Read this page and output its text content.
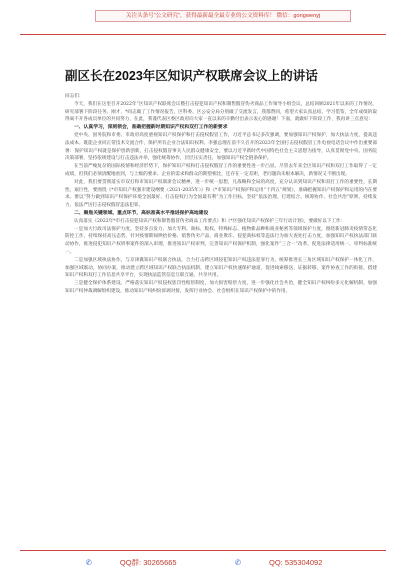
关注头条号“公文研究”，获得最新最全最专业的公文资料库！ 微信：gongwenyj
副区长在2023年区知识产权联席会议上的讲话

同志们：

今天，我们在这里召开2022年“区知识产权联席会议暨打击侵犯知识产权和制售假冒伪劣商品工作领导小组会议，总结回顾2021年以来的工作情况，研究部署下阶段任务。刚才，*同志做了工作情况报告，区科委、区公安分局分别做了交流发言，我都赞同，希望大家认真总结、学习借鉴，全年成绩的取得离不开各成员单位的共同努力，在此，我谨代表区委区政府向大家一直以来的辛勤付出表示衷心的感谢！下面，就做好下阶段工作，我再讲三点意见：

一、认真学习，深刻领会，准确把握新时期知识产权和双打工作的新要求

党中央、国务院和市委、市政府高度重视知识产权保护和打击侵权假冒工作，习近平总书记多次强调，要加强知识产权保护，加大执法力度，提高违法成本。既能企业同正常技术交流合作，保护所有企业合法知识权利。李强总理在前不久召开的2023年全国打击侵权假冒工作电视电话会议中作出重要部署：保护知识产权就是保护创新创新，打击侵权假冒事关人民群众健康安全，要以习近平新时代中国特色社会主义思想为指导，认真贯彻党中央、国务院决策部署，坚持依规建设与打击违法并举，强化统筹协作，层层压实责任，加强知识产权全链条保护。

在当前严峻复杂的国际疫情和经济形势下，保护知识产权和打击侵权假冒工作的重要性进一步凸显。尽管去年来全区知识产权和双打工作取得了一定成绩，但我们必须清醒地看到，与上级的要求、企业的需求和群众的期望相比，还存在一定差距，老问题尚未根本解决，新情况又不断出现。

对此，我们要贯彻落实市双打和市知识产权联席会议精神，进一步统一思想，凡战略和全局的高度，充分认识到知识产权和双打工作的重要性、长期性、艰巨性，要围绕《*市知识产权强市建设纲要（2021-2035年）》和《*市知识产权保护和运用“十四五”规划》，准确把握知识产权保护和运用的内在要求。要以“努力做到知识产权保护环境全国最好、打击侵权行为全国最有利”为工作目标，坚持“依法治理、打建结合、统筹协作、社会共治”原则，持续发力，依法严厉打击侵权假冒违法犯罪。

二、聚焦关键领域、重点环节，高标准高水平推进保护高地建设

认真落实《2022年*市打击侵犯知识产权和制售假冒伪劣商品工作要点》和《*区强化知识产权保护三年行动计划》，要做好以下工作：

一是加大行政司法保护力度。坚持多点发力、加大专利、商标、版权、特殊标志、植物新品种和商业秘密等领域保护力度，围绕新冠肺炎疫情常态化防控工作，持续保持高压态势，针对疫情期间哄抬价格、销售伪劣产品、商业欺诈、侵犯商标权等违法行为加大查处打击力度，加强知识产权执法部门联动协作，推进侵犯知识产权刑事案件的深入审理，推进知识产权审判，完善知识产权保护机制，强化案件“三合一”改革，促进法律适用统一、审判标准统一。

二是加强区域执法协作。与京津冀知识产权联合执法，合力打击跨区域侵犯知识产权违法犯罪行为，统筹推进长三角区域知识产权保护一体化工作，加强区域联动，协同办案，推动建立跨区域知识产权联合执法机制，建立知识产权快速保护通道，促进线索移送、证据转移、案件协查工作的衔接，搭建知识产权和双打工作信息共享平台，实现执法监管信息互联互通、共享共用。

三是健全保护体系建设。严格落实知识产权侵权惩罚性赔偿制度，加大损害赔偿力度，进一步强化社会共治，健全知识产权纠纷多元化解机制，加强知识产权仲裁调解组织建设，推动知识产权纠纷诉调对接，发挥行业协会、社会组织在知识产权保护中的作用。

✆	QQ群: 30265665	✆	QQ: 535304092
